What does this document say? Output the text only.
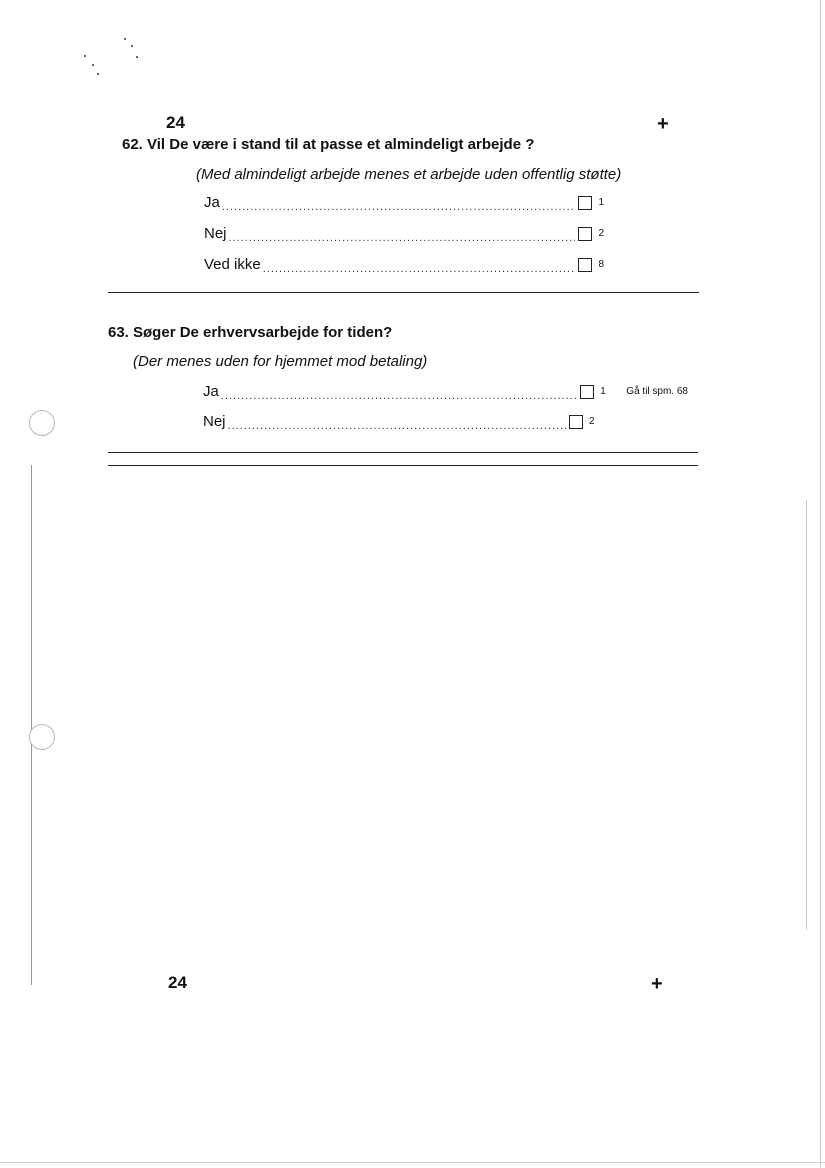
24	+
62. Vil De være i stand til at passe et almindeligt arbejde ?
(Med almindeligt arbejde menes et arbejde uden offentlig støtte)
Ja .....	1
Nej .....	2
Ved ikke .....	8
63. Søger De erhvervsarbejde for tiden?
(Der menes uden for hjemmet mod betaling)
Ja .....	1 Gå til spm. 68
Nej .....	2
24	+
